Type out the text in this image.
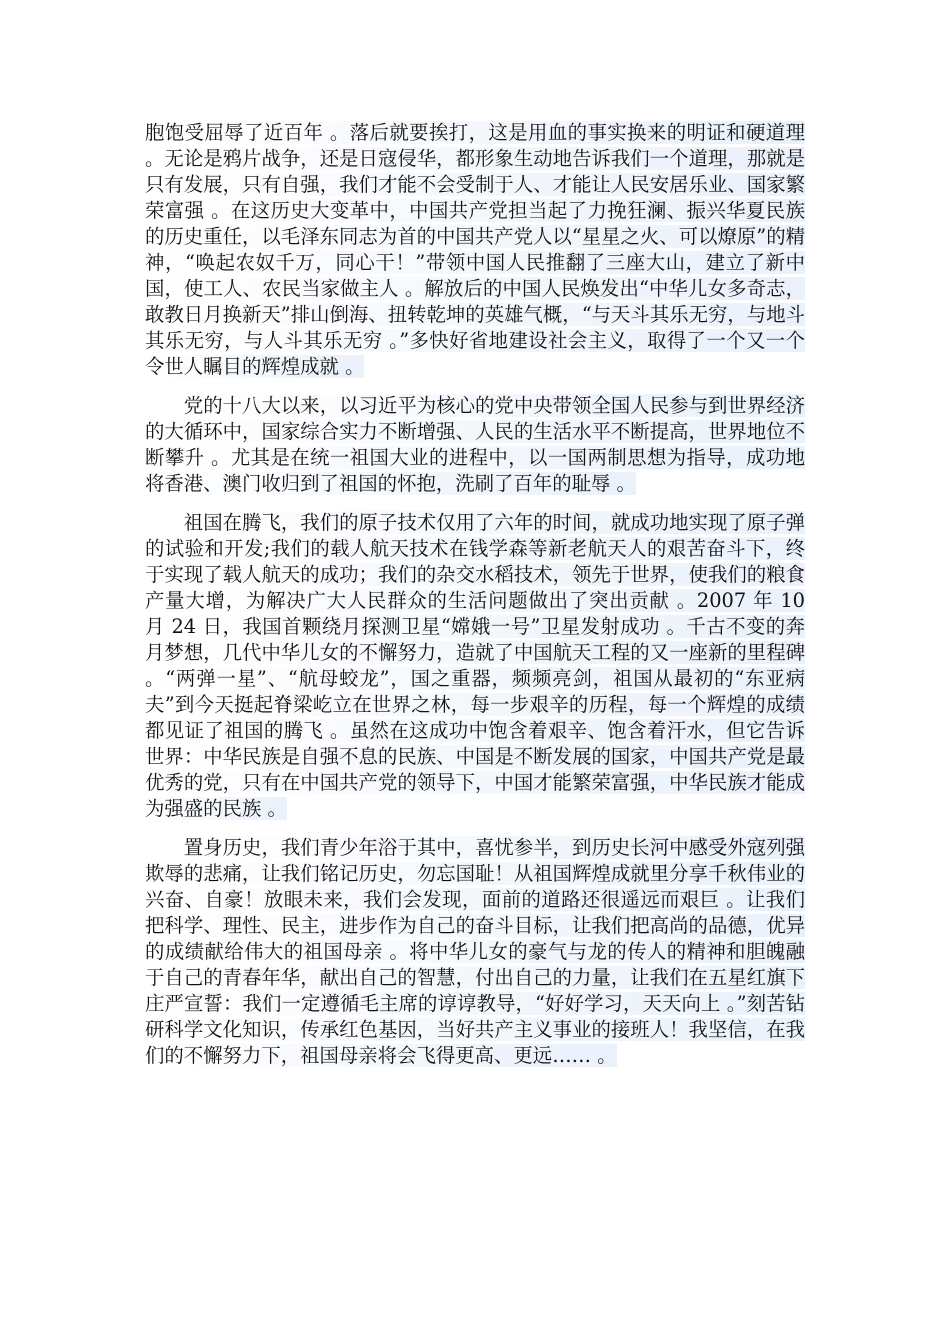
胞饱受屈辱了近百年 。落后就要挨打，这是用血的事实换来的明证和硬道理 。无论是鸦片战争，还是日寇侵华，都形象生动地告诉我们一个道理，那就是只有发展，只有自强，我们才能不会受制于人、才能让人民安居乐业、国家繁荣富强 。在这历史大变革中，中国共产党担当起了力挽狂澜、振兴华夏民族的历史重任，以毛泽东同志为首的中国共产党人以“星星之火、可以燎原”的精神，“唤起农奴千万，同心干！”带领中国人民推翻了三座大山，建立了新中国，使工人、农民当家做主人 。解放后的中国人民焕发出“中华儿女多奇志，敢教日月换新天”排山倒海、扭转乾坤的英雄气概，“与天斗其乐无穷，与地斗其乐无穷，与人斗其乐无穷 。”多快好省地建设社会主义，取得了一个又一个令世人瞩目的辉煌成就 。

党的十八大以来，以习近平为核心的党中央带领全国人民参与到世界经济的大循环中，国家综合实力不断增强、人民的生活水平不断提高，世界地位不断攀升 。尤其是在统一祖国大业的进程中，以一国两制思想为指导，成功地将香港、澳门收归到了祖国的怀抱，洗刷了百年的耻辱 。

祖国在腾飞，我们的原子技术仅用了六年的时间，就成功地实现了原子弹的试验和开发;我们的载人航天技术在钱学森等新老航天人的艰苦奋斗下，终于实现了载人航天的成功；我们的杂交水稻技术，领先于世界，使我们的粮食产量大增，为解决广大人民群众的生活问题做出了突出贡献 。2007 年 10 月 24 日，我国首颗绕月探测卫星“嫦娥一号”卫星发射成功 。千古不变的奔月梦想，几代中华儿女的不懈努力，造就了中国航天工程的又一座新的里程碑 。“两弹一星”、“航母蛟龙”，国之重器，频频亮剑，祖国从最初的“东亚病夫”到今天挺起脊梁屹立在世界之林，每一步艰辛的历程，每一个辉煌的成绩都见证了祖国的腾飞 。虽然在这成功中饱含着艰辛、饱含着汗水，但它告诉世界：中华民族是自强不息的民族、中国是不断发展的国家，中国共产党是最优秀的党，只有在中国共产党的领导下，中国才能繁荣富强，中华民族才能成为强盛的民族 。

置身历史，我们青少年浴于其中，喜忧参半，到历史长河中感受外寇列强欺辱的悲痛，让我们铭记历史，勿忘国耻！从祖国辉煌成就里分享千秋伟业的兴奋、自豪！放眼未来，我们会发现，面前的道路还很遥远而艰巨 。让我们把科学、理性、民主，进步作为自己的奋斗目标，让我们把高尚的品德，优异的成绩献给伟大的祖国母亲 。将中华儿女的豪气与龙的传人的精神和胆魄融于自己的青春年华，献出自己的智慧，付出自己的力量，让我们在五星红旗下庄严宣誓：我们一定遵循毛主席的谆谆教导，“好好学习，天天向上 。”刻苦钻研科学文化知识，传承红色基因，当好共产主义事业的接班人！我坚信，在我们的不懈努力下，祖国母亲将会飞得更高、更远…… 。
